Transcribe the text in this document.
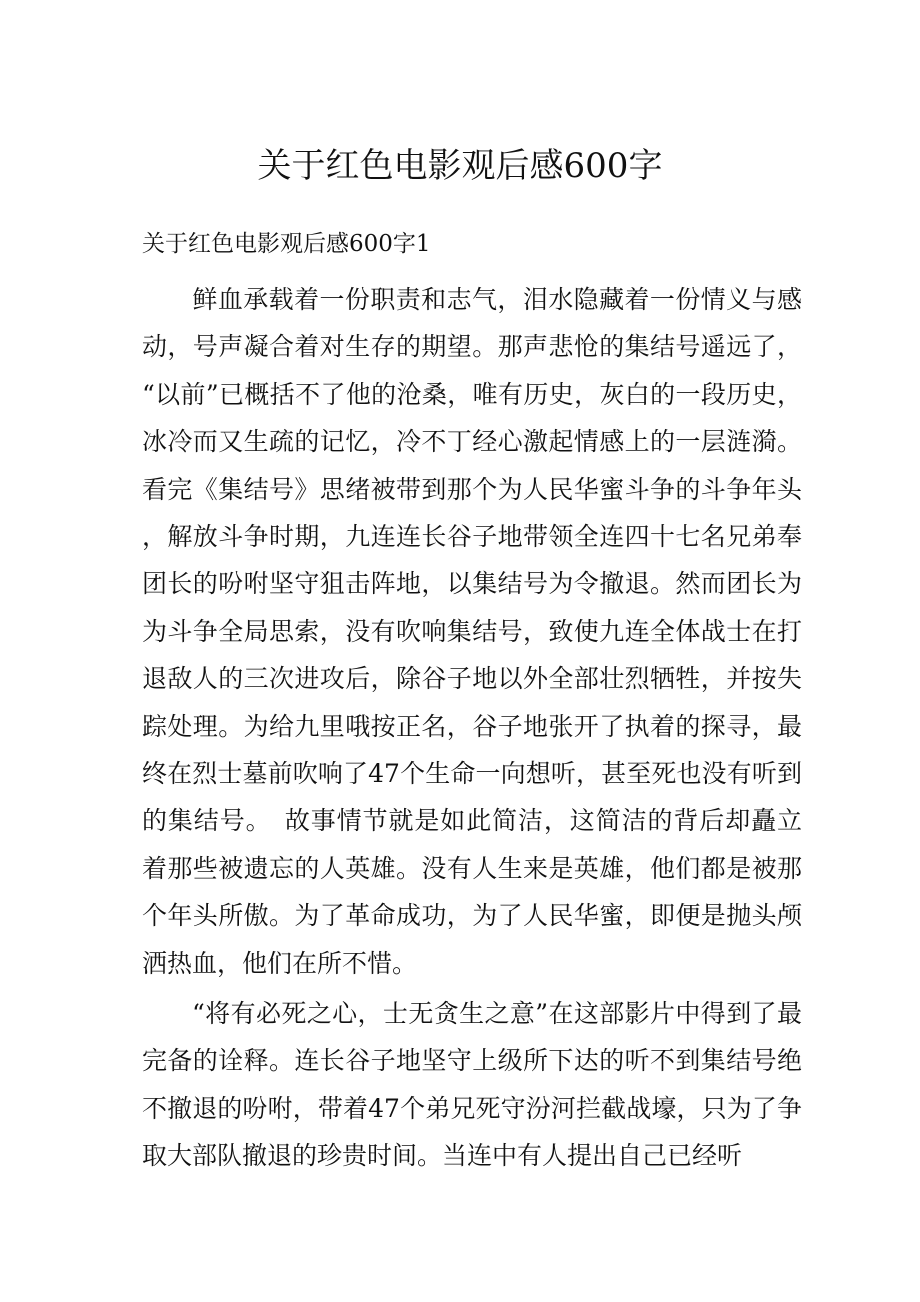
关于红色电影观后感600字

关于红色电影观后感600字1

鲜血承载着一份职责和志气，泪水隐藏着一份情义与感动，号声凝合着对生存的期望。那声悲怆的集结号遥远了，“以前”已概括不了他的沧桑，唯有历史，灰白的一段历史，冰冷而又生疏的记忆，冷不丁经心激起情感上的一层涟漪。看完《集结号》思绪被带到那个为人民华蜜斗争的斗争年头，解放斗争时期，九连连长谷子地带领全连四十七名兄弟奉团长的吩咐坚守狙击阵地，以集结号为令撤退。然而团长为为斗争全局思索，没有吹响集结号，致使九连全体战士在打退敌人的三次进攻后，除谷子地以外全部壮烈牺牲，并按失踪处理。为给九里哦按正名，谷子地张开了执着的探寻，最终在烈士墓前吹响了47个生命一向想听，甚至死也没有听到的集结号。　故事情节就是如此简洁，这简洁的背后却矗立着那些被遗忘的人英雄。没有人生来是英雄，他们都是被那个年头所傲。为了革命成功，为了人民华蜜，即便是抛头颅洒热血，他们在所不惜。

“将有必死之心，士无贪生之意”在这部影片中得到了最完备的诠释。连长谷子地坚守上级所下达的听不到集结号绝不撤退的吩咐，带着47个弟兄死守汾河拦截战壕，只为了争取大部队撤退的珍贵时间。当连中有人提出自己已经听
